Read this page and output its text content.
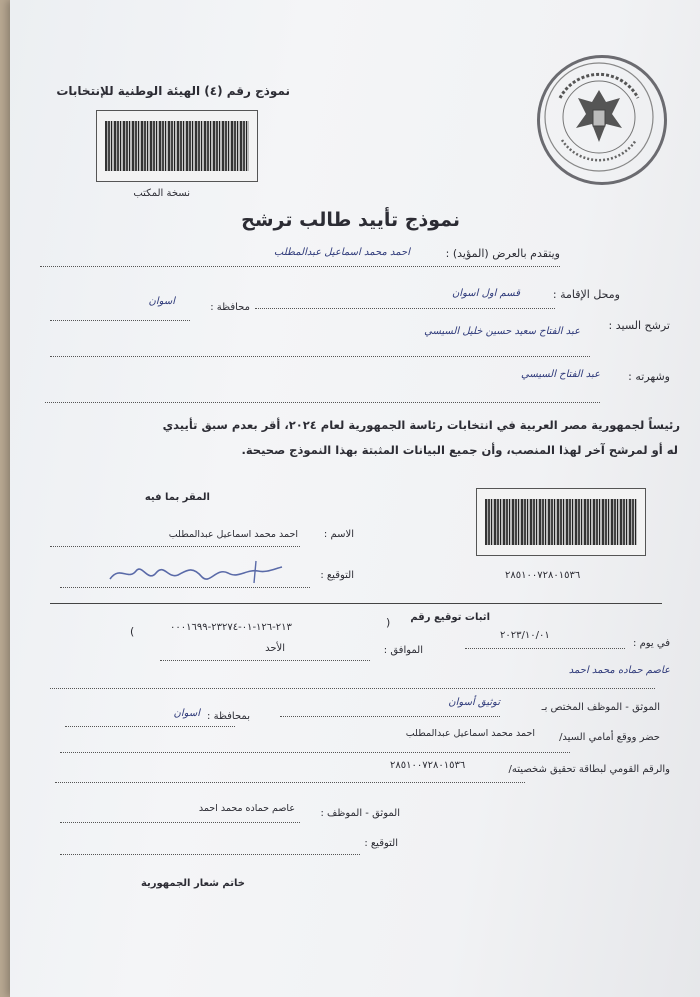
نموذج رقم (٤) الهيئة الوطنية للإنتخابات
نسخة المكتب
نموذج تأييد طالب ترشح
ويتقدم بالعرض (المؤيد) :
احمد محمد اسماعيل عبدالمطلب
ومحل الإقامة :
قسم اول اسوان
محافظة :
اسوان
ترشح السيد :
عبد الفتاح سعيد حسين خليل السيسي
وشهرته :
عبد الفتاح السيسي
رئيساً لجمهورية مصر العربية في انتخابات رئاسة الجمهورية لعام ٢٠٢٤، أقر بعدم سبق تأييدي
له أو لمرشح آخر لهذا المنصب، وأن جميع البيانات المثبتة بهذا النموذج صحيحة.
المقر بما فيه
الاسم :
احمد محمد اسماعيل عبدالمطلب
التوقيع :	٢٨٥١٠٠٧٢٨٠١٥٣٦
اثبات توقيع رقم
(
٢١٣-١٢٦-٠١-٢٣٢٧٤-٠٠٠١٦٩٩
)
في يوم :
٢٠٢٣/١٠/٠١
الموافق :
الأحد
عاصم حماده محمد احمد
الموثق - الموظف المختص بـ
توثيق أسوان
بمحافظة :
اسوان
حضر ووقع أمامي السيد/
احمد محمد اسماعيل عبدالمطلب
والرقم القومي لبطاقة تحقيق شخصيته/
٢٨٥١٠٠٧٢٨٠١٥٣٦
الموثق - الموظف :
عاصم حماده محمد احمد
التوقيع :
خاتم شعار الجمهورية
